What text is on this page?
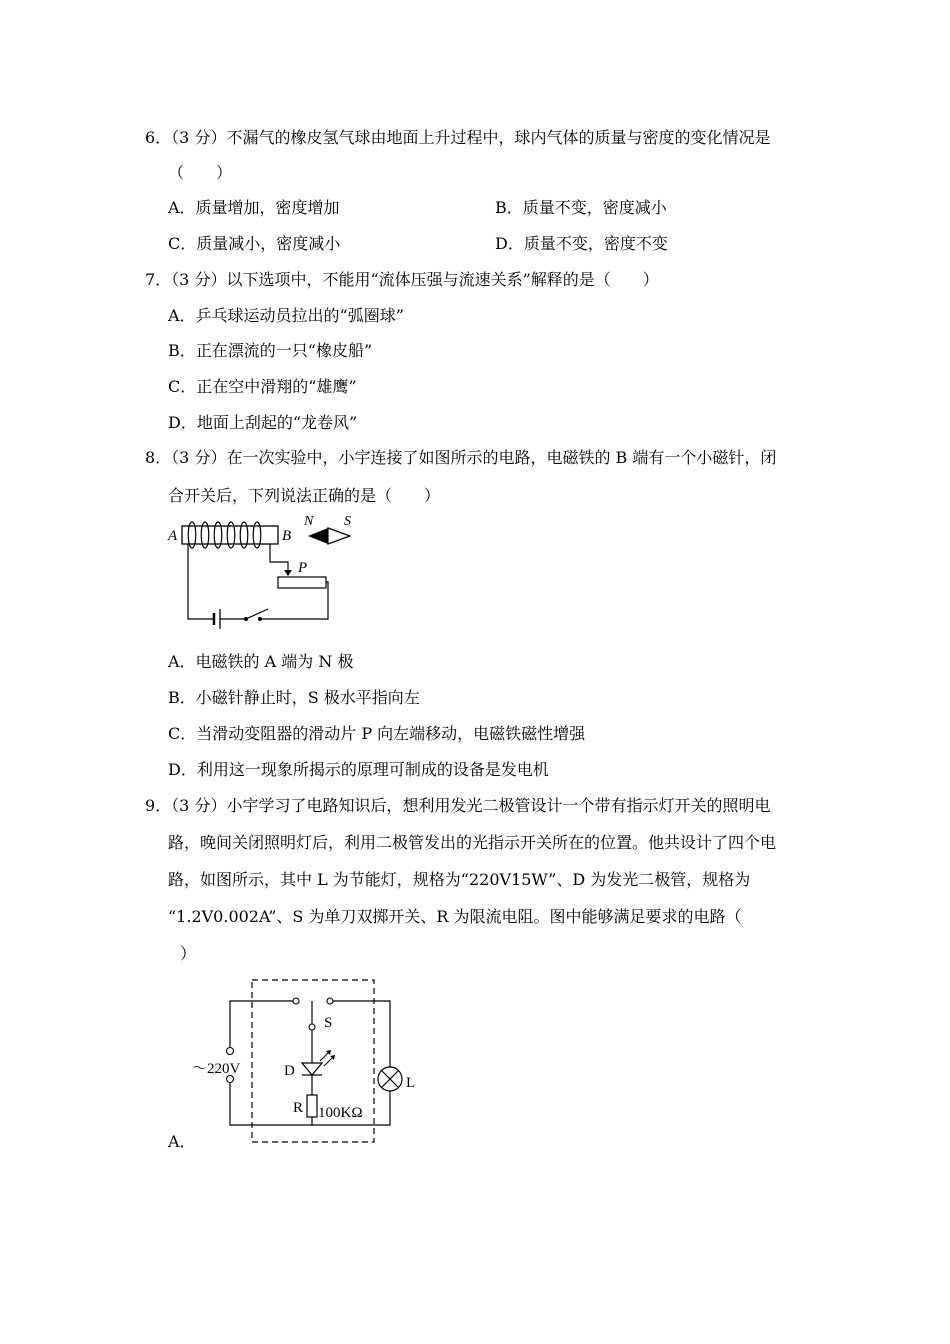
6．（3 分）不漏气的橡皮氢气球由地面上升过程中，球内气体的质量与密度的变化情况是
（　　）
A．质量增加，密度增加	B．质量不变，密度减小
C．质量减小，密度减小	D．质量不变，密度不变
7．（3 分）以下选项中，不能用“流体压强与流速关系”解释的是（　　）
A．乒乓球运动员拉出的“弧圈球”
B．正在漂流的一只“橡皮船”
C．正在空中滑翔的“雄鹰”
D．地面上刮起的“龙卷风”
8．（3 分）在一次实验中，小宇连接了如图所示的电路，电磁铁的 B 端有一个小磁针，闭
合开关后，下列说法正确的是（　　）
A	B
N S
P
A．电磁铁的 A 端为 N 极
B．小磁针静止时，S 极水平指向左
C．当滑动变阻器的滑动片 P 向左端移动，电磁铁磁性增强
D．利用这一现象所揭示的原理可制成的设备是发电机
9．（3 分）小宇学习了电路知识后，想利用发光二极管设计一个带有指示灯开关的照明电
路，晚间关闭照明灯后，利用二极管发出的光指示开关所在的位置。他共设计了四个电
路，如图所示，其中 L 为节能灯，规格为“220V15W”、D 为发光二极管，规格为
“1.2V0.002A”、S 为单刀双掷开关、R 为限流电阻。图中能够满足要求的电路（
）
～220V
S
L
D
R 100KΩ
A．
